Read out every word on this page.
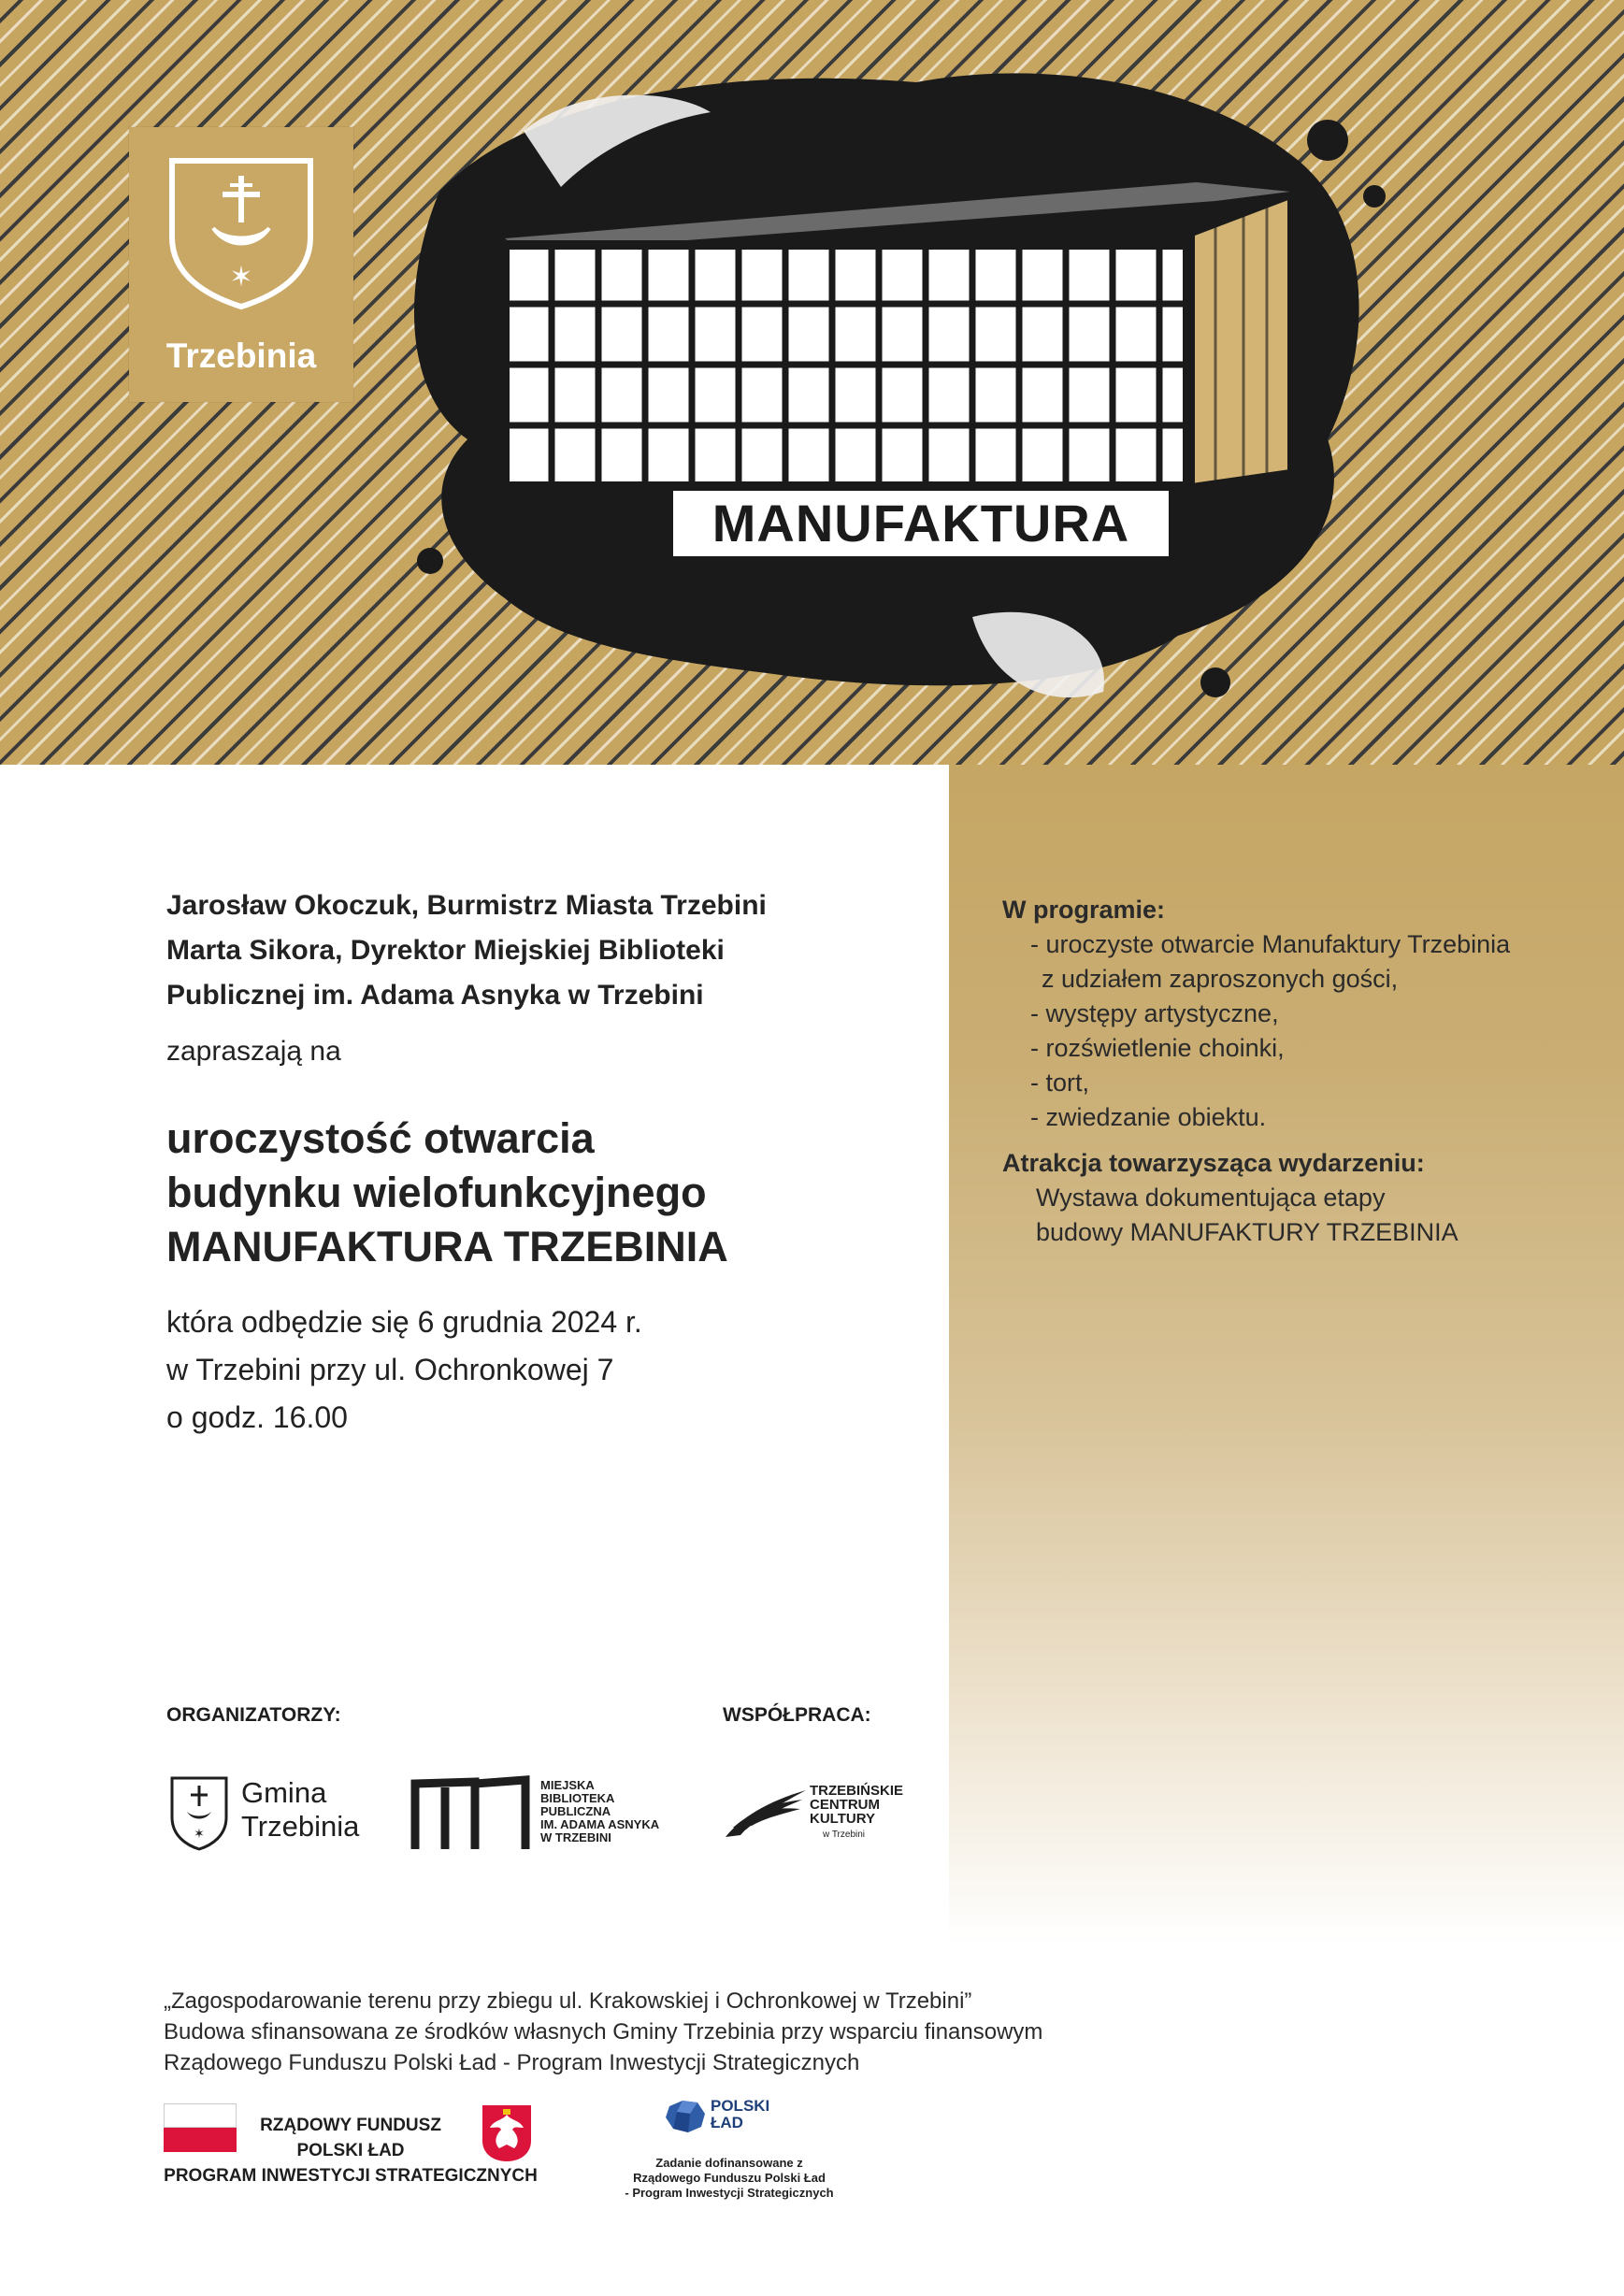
✶
Trzebinia
MANUFAKTURA
W programie:
- uroczyste otwarcie Manufaktury Trzebinia
z udziałem zaproszonych gości,
- występy artystyczne,
- rozświetlenie choinki,
- tort,
- zwiedzanie obiektu.
Atrakcja towarzysząca wydarzeniu:
Wystawa dokumentująca etapy
budowy MANUFAKTURY TRZEBINIA
Jarosław Okoczuk, Burmistrz Miasta Trzebini
Marta Sikora, Dyrektor Miejskiej Biblioteki
Publicznej im. Adama Asnyka w Trzebini
zapraszają na
uroczystość otwarcia
budynku wielofunkcyjnego
MANUFAKTURA TRZEBINIA
która odbędzie się 6 grudnia 2024 r.
w Trzebini przy ul. Ochronkowej 7
o godz. 16.00
ORGANIZATORZY:	WSPÓŁPRACA:
✶
Gmina
Trzebinia
MIEJSKA
BIBLIOTEKA
PUBLICZNA
IM. ADAMA ASNYKA
W TRZEBINI
TRZEBIŃSKIE
CENTRUM
KULTURY
w Trzebini
„Zagospodarowanie terenu przy zbiegu ul. Krakowskiej i Ochronkowej w Trzebini”
Budowa sfinansowana ze środków własnych Gminy Trzebinia przy wsparciu finansowym
Rządowego Funduszu Polski Ład - Program Inwestycji Strategicznych
RZĄDOWY FUNDUSZ
POLSKI ŁAD
PROGRAM INWESTYCJI STRATEGICZNYCH
POLSKI
ŁAD
Zadanie dofinansowane z
Rządowego Funduszu Polski Ład
- Program Inwestycji Strategicznych
